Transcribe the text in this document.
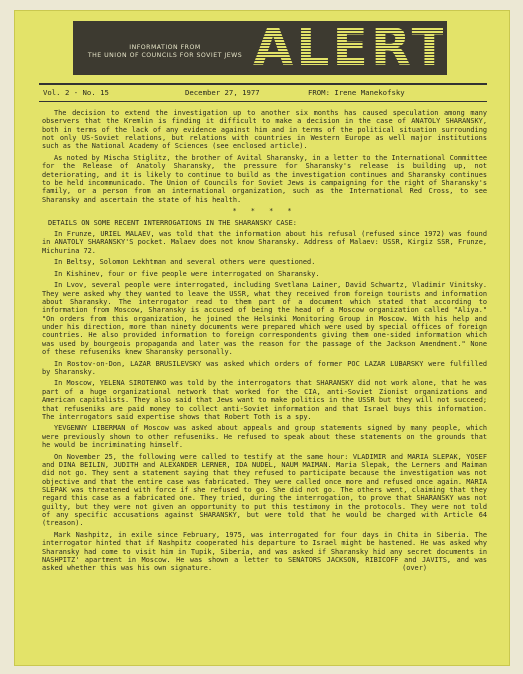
INFORMATION FROM
THE UNION OF COUNCILS FOR SOVIET JEWS ALERT
Vol. 2 - No. 15	December 27, 1977	FROM: Irene Manekofsky

The decision to extend the investigation up to another six months has caused speculation among many observers that the Kremlin is finding it difficult to make a decision in the case of ANATOLY SHARANSKY, both in terms of the lack of any evidence against him and in terms of the political situation surrounding not only US-Soviet relations, but relations with countries in Western Europe as well major institutions such as the National Academy of Sciences (see enclosed article).

As noted by Mischa Stiglitz, the brother of Avital Sharansky, in a letter to the International Committee for the Release of Anatoly Sharansky, the pressure for Sharansky's release is building up, not deteriorating, and it is likely to continue to build as the investigation continues and Sharansky continues to be held incommunicado. The Union of Councils for Soviet Jews is campaigning for the right of Sharansky's family, or a person from an international organization, such as the International Red Cross, to see Sharansky and ascertain the state of his health.

* * * *

DETAILS ON SOME RECENT INTERROGATIONS IN THE SHARANSKY CASE:

In Frunze, URIEL MALAEV, was told that the information about his refusal (refused since 1972) was found in ANATOLY SHARANSKY'S pocket. Malaev does not know Sharansky. Address of Malaev: USSR, Kirgiz SSR, Frunze, Michurina 72.

In Beltsy, Solomon Lekhtman and several others were questioned.

In Kishinev, four or five people were interrogated on Sharansky.

In Lvov, several people were interrogated, including Svetlana Lainer, David Schwartz, Vladimir Vinitsky. They were asked why they wanted to leave the USSR, what they received from foreign tourists and information about Sharansky. The interrogator read to them part of a document which stated that according to information from Moscow, Sharansky is accused of being the head of a Moscow organization called "Aliya." "On orders from this organization, he joined the Helsinki Monitoring Group in Moscow. With his help and under his direction, more than ninety documents were prepared which were used by special offices of foreign countries. He also provided information to foreign correspondents giving them one-sided information which was used by bourgeois propaganda and later was the reason for the passage of the Jackson Amendment." None of these refuseniks knew Sharansky personally.

In Rostov-on-Don, LAZAR BRUSILEVSKY was asked which orders of former POC LAZAR LUBARSKY were fulfilled by Sharansky.

In Moscow, YELENA SIROTENKO was told by the interrogators that SHARANSKY did not work alone, that he was part of a huge organizational network that worked for the CIA, anti-Soviet Zionist organizations and American capitalists. They also said that Jews want to make politics in the USSR but they will not succeed; that refuseniks are paid money to collect anti-Soviet information and that Israel buys this information. The interrogators said expertise shows that Robert Toth is a spy.

YEVGENNY LIBERMAN of Moscow was asked about appeals and group statements signed by many people, which were previously shown to other refuseniks. He refused to speak about these statements on the grounds that he would be incriminating himself.

On November 25, the following were called to testify at the same hour: VLADIMIR and MARIA SLEPAK, YOSEF and DINA BEILIN, JUDITH and ALEXANDER LERNER, IDA NUDEL, NAUM MAIMAN. Maria Slepak, the Lerners and Maiman did not go. They sent a statement saying that they refused to participate because the investigation was not objective and that the entire case was fabricated. They were called once more and refused once again. MARIA SLEPAK was threatened with force if she refused to go. She did not go. The others went, claiming that they regard this case as a fabricated one. They tried, during the interrogation, to prove that SHARANSKY was not guilty, but they were not given an opportunity to put this testimony in the protocols. They were not told of any specific accusations against SHARANSKY, but were told that he would be charged with Article 64 (treason).

Mark Nashpitz, in exile since February, 1975, was interrogated for four days in Chita in Siberia. The interrogator hinted that if Nashpitz cooperated his departure to Israel might be hastened. He was asked why Sharansky had come to visit him in Tupik, Siberia, and was asked if Sharansky hid any secret documents in NASHPITZ' apartment in Moscow. He was shown a letter to SENATORS JACKSON, RIBICOFF and JAVITS, and was asked whether this was his own signature.	(over)
